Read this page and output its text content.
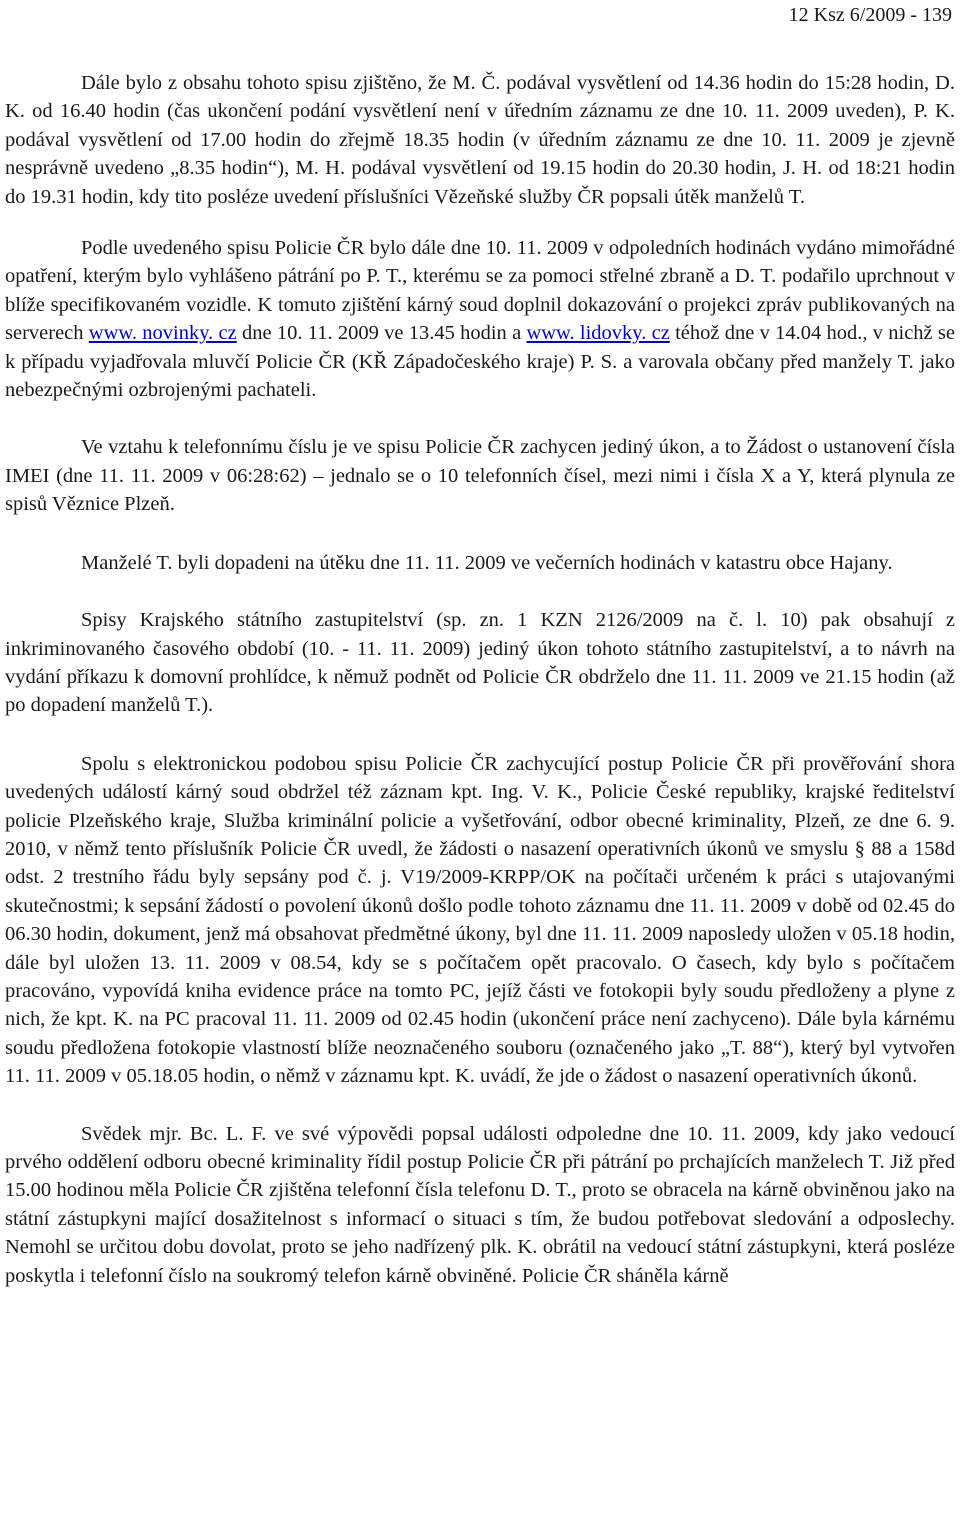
12 Ksz 6/2009 - 139

Dále bylo z obsahu tohoto spisu zjištěno, že M. Č. podával vysvětlení od 14.36 hodin do 15:28 hodin, D. K. od 16.40 hodin (čas ukončení podání vysvětlení není v úředním záznamu ze dne 10. 11. 2009 uveden), P. K. podával vysvětlení od 17.00 hodin do zřejmě 18.35 hodin (v úředním záznamu ze dne 10. 11. 2009 je zjevně nesprávně uvedeno „8.35 hodin“), M. H. podával vysvětlení od 19.15 hodin do 20.30 hodin, J. H. od 18:21 hodin do 19.31 hodin, kdy tito posléze uvedení příslušníci Vězeňské služby ČR popsali útěk manželů T.

Podle uvedeného spisu Policie ČR bylo dále dne 10. 11. 2009 v odpoledních hodinách vydáno mimořádné opatření, kterým bylo vyhlášeno pátrání po P. T., kterému se za pomoci střelné zbraně a D. T. podařilo uprchnout v blíže specifikovaném vozidle. K tomuto zjištění kárný soud doplnil dokazování o projekci zpráv publikovaných na serverech www. novinky. cz dne 10. 11. 2009 ve 13.45 hodin a www. lidovky. cz téhož dne v 14.04 hod., v nichž se k případu vyjadřovala mluvčí Policie ČR (KŘ Západočeského kraje) P. S. a varovala občany před manžely T. jako nebezpečnými ozbrojenými pachateli.

Ve vztahu k telefonnímu číslu je ve spisu Policie ČR zachycen jediný úkon, a to Žádost o ustanovení čísla IMEI (dne 11. 11. 2009 v 06:28:62) – jednalo se o 10 telefonních čísel, mezi nimi i čísla X a Y, která plynula ze spisů Věznice Plzeň.

Manželé T. byli dopadeni na útěku dne 11. 11. 2009 ve večerních hodinách v katastru obce Hajany.

Spisy Krajského státního zastupitelství (sp. zn. 1 KZN 2126/2009 na č. l. 10) pak obsahují z inkriminovaného časového období (10. - 11. 11. 2009) jediný úkon tohoto státního zastupitelství, a to návrh na vydání příkazu k domovní prohlídce, k němuž podnět od Policie ČR obdrželo dne 11. 11. 2009 ve 21.15 hodin (až po dopadení manželů T.).

Spolu s elektronickou podobou spisu Policie ČR zachycující postup Policie ČR při prověřování shora uvedených událostí kárný soud obdržel též záznam kpt. Ing. V. K., Policie České republiky, krajské ředitelství policie Plzeňského kraje, Služba kriminální policie a vyšetřování, odbor obecné kriminality, Plzeň, ze dne 6. 9. 2010, v němž tento příslušník Policie ČR uvedl, že žádosti o nasazení operativních úkonů ve smyslu § 88 a 158d odst. 2 trestního řádu byly sepsány pod č. j. V19/2009-KRPP/OK na počítači určeném k práci s utajovanými skutečnostmi; k sepsání žádostí o povolení úkonů došlo podle tohoto záznamu dne 11. 11. 2009 v době od 02.45 do 06.30 hodin, dokument, jenž má obsahovat předmětné úkony, byl dne 11. 11. 2009 naposledy uložen v 05.18 hodin, dále byl uložen 13. 11. 2009 v 08.54, kdy se s počítačem opět pracovalo. O časech, kdy bylo s počítačem pracováno, vypovídá kniha evidence práce na tomto PC, jejíž části ve fotokopii byly soudu předloženy a plyne z nich, že kpt. K. na PC pracoval 11. 11. 2009 od 02.45 hodin (ukončení práce není zachyceno). Dále byla kárnému soudu předložena fotokopie vlastností blíže neoznačeného souboru (označeného jako „T. 88“), který byl vytvořen 11. 11. 2009 v 05.18.05 hodin, o němž v záznamu kpt. K. uvádí, že jde o žádost o nasazení operativních úkonů.

Svědek mjr. Bc. L. F. ve své výpovědi popsal události odpoledne dne 10. 11. 2009, kdy jako vedoucí prvého oddělení odboru obecné kriminality řídil postup Policie ČR při pátrání po prchajících manželech T. Již před 15.00 hodinou měla Policie ČR zjištěna telefonní čísla telefonu D. T., proto se obracela na kárně obviněnou jako na státní zástupkyni mající dosažitelnost s informací o situaci s tím, že budou potřebovat sledování a odposlechy. Nemohl se určitou dobu dovolat, proto se jeho nadřízený plk. K. obrátil na vedoucí státní zástupkyni, která posléze poskytla i telefonní číslo na soukromý telefon kárně obviněné. Policie ČR sháněla kárně
